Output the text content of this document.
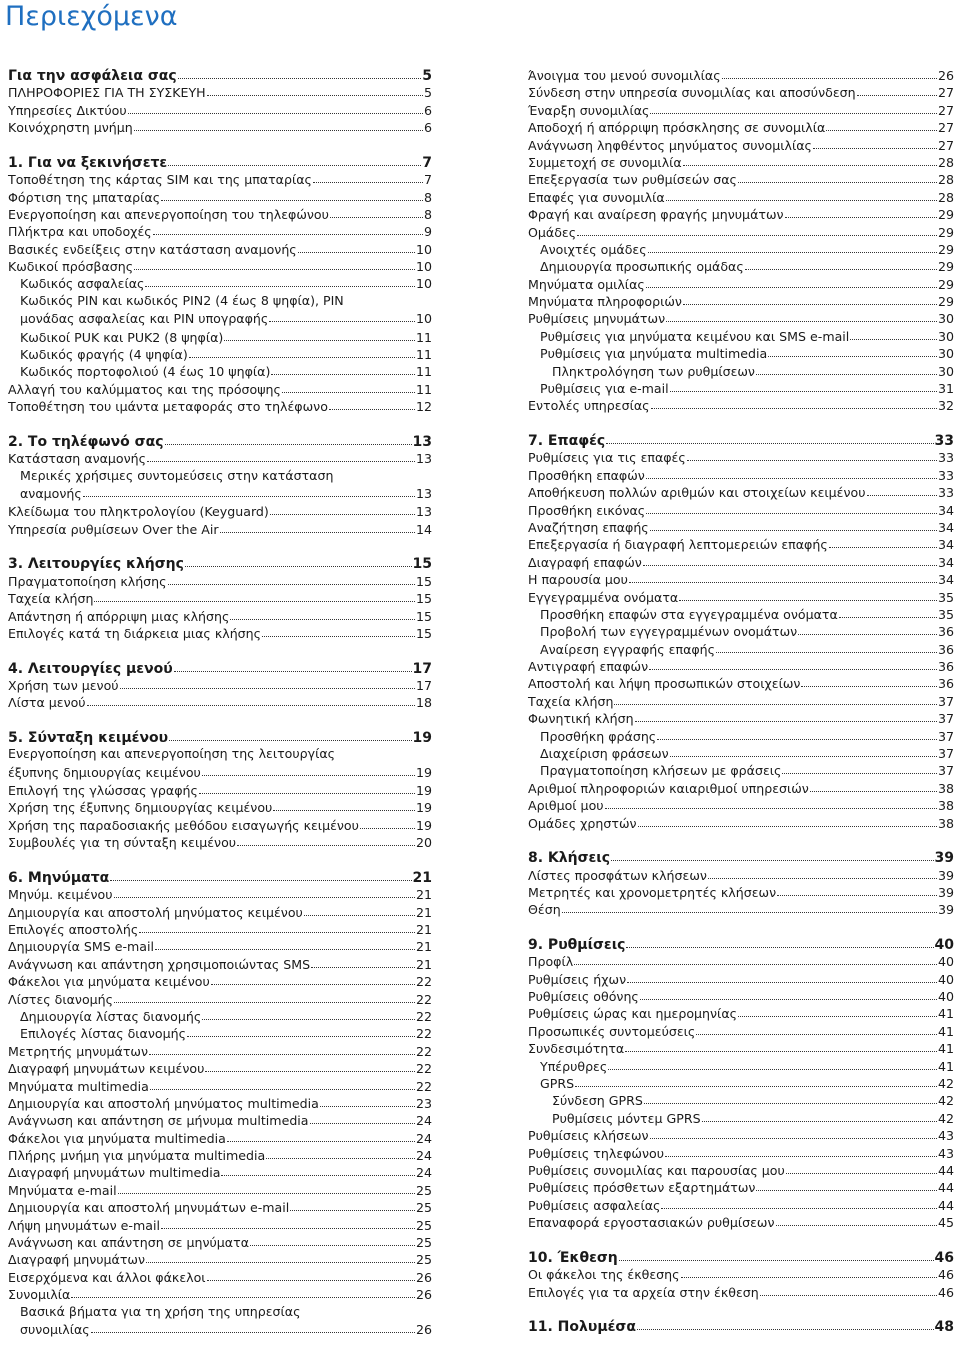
Περιεχόμενα
Για την ασφάλεια σας	5
ΠΛΗΡΟΦΟΡΙΕΣ ΓΙΑ ΤΗ ΣΥΣΚΕΥΗ	5
Υπηρεσίες Δικτύου	6
Κοινόχρηστη μνήμη	6
1. Για να ξεκινήσετε	7
Τοποθέτηση της κάρτας SIM και της μπαταρίας	7
Φόρτιση της μπαταρίας	8
Ενεργοποίηση και απενεργοποίηση του τηλεφώνου	8
Πλήκτρα και υποδοχές	9
Βασικές ενδείξεις στην κατάσταση αναμονής	10
Κωδικοί πρόσβασης	10
Κωδικός ασφαλείας	10
Κωδικός PIN και κωδικός PIN2 (4 έως 8 ψηφία), PIN
μονάδας ασφαλείας και PIN υπογραφής	10
Κωδικοί PUK και PUK2 (8 ψηφία)	11
Κωδικός φραγής (4 ψηφία)	11
Κωδικός πορτοφολιού (4 έως 10 ψηφία)	11
Αλλαγή του καλύμματος και της πρόσοψης	11
Τοποθέτηση του ιμάντα μεταφοράς στο τηλέφωνο	12
2. Το τηλέφωνό σας	13
Κατάσταση αναμονής	13
Μερικές χρήσιμες συντομεύσεις στην κατάσταση
αναμονής	13
Κλείδωμα του πληκτρολογίου (Keyguard)	13
Υπηρεσία ρυθμίσεων Over the Air	14
3. Λειτουργίες κλήσης	15
Πραγματοποίηση κλήσης	15
Ταχεία κλήση	15
Απάντηση ή απόρριψη μιας κλήσης	15
Επιλογές κατά τη διάρκεια μιας κλήσης	15
4. Λειτουργίες μενού	17
Χρήση των μενού	17
Λίστα μενού	18
5. Σύνταξη κειμένου	19
Ενεργοποίηση και απενεργοποίηση της λειτουργίας
έξυπνης δημιουργίας κειμένου	19
Επιλογή της γλώσσας γραφής	19
Χρήση της έξυπνης δημιουργίας κειμένου	19
Χρήση της παραδοσιακής μεθόδου εισαγωγής κειμένου	19
Συμβουλές για τη σύνταξη κειμένου	20
6. Μηνύματα	21
Μηνύμ. κειμένου	21
Δημιουργία και αποστολή μηνύματος κειμένου	21
Επιλογές αποστολής	21
Δημιουργία SMS e-mail	21
Ανάγνωση και απάντηση χρησιμοποιώντας SMS	21
Φάκελοι για μηνύματα κειμένου	22
Λίστες διανομής	22
Δημιουργία λίστας διανομής	22
Επιλογές λίστας διανομής	22
Μετρητής μηνυμάτων	22
Διαγραφή μηνυμάτων κειμένου	22
Μηνύματα multimedia	22
Δημιουργία και αποστολή μηνύματος multimedia	23
Ανάγνωση και απάντηση σε μήνυμα multimedia	24
Φάκελοι για μηνύματα multimedia	24
Πλήρης μνήμη για μηνύματα multimedia	24
Διαγραφή μηνυμάτων multimedia	24
Μηνύματα e-mail	25
Δημιουργία και αποστολή μηνυμάτων e-mail	25
Λήψη μηνυμάτων e-mail	25
Ανάγνωση και απάντηση σε μηνύματα	25
Διαγραφή μηνυμάτων	25
Εισερχόμενα και άλλοι φάκελοι	26
Συνομιλία	26
Βασικά βήματα για τη χρήση της υπηρεσίας
συνομιλίας	26
Άνοιγμα του μενού συνομιλίας	26
Σύνδεση στην υπηρεσία συνομιλίας και αποσύνδεση	27
Έναρξη συνομιλίας	27
Αποδοχή ή απόρριψη πρόσκλησης σε συνομιλία	27
Ανάγνωση ληφθέντος μηνύματος συνομιλίας	27
Συμμετοχή σε συνομιλία	28
Επεξεργασία των ρυθμίσεών σας	28
Επαφές για συνομιλία	28
Φραγή και αναίρεση φραγής μηνυμάτων	29
Ομάδες	29
Ανοιχτές ομάδες	29
Δημιουργία προσωπικής ομάδας	29
Μηνύματα ομιλίας	29
Μηνύματα πληροφοριών	29
Ρυθμίσεις μηνυμάτων	30
Ρυθμίσεις για μηνύματα κειμένου και SMS e-mail	30
Ρυθμίσεις για μηνύματα multimedia	30
Πληκτρολόγηση των ρυθμίσεων	30
Ρυθμίσεις για e-mail	31
Εντολές υπηρεσίας	32
7. Επαφές	33
Ρυθμίσεις για τις επαφές	33
Προσθήκη επαφών	33
Αποθήκευση πολλών αριθμών και στοιχείων κειμένου	33
Προσθήκη εικόνας	34
Αναζήτηση επαφής	34
Επεξεργασία ή διαγραφή λεπτομερειών επαφής	34
Διαγραφή επαφών	34
Η παρουσία μου	34
Εγγεγραμμένα ονόματα	35
Προσθήκη επαφών στα εγγεγραμμένα ονόματα	35
Προβολή των εγγεγραμμένων ονομάτων	36
Αναίρεση εγγραφής επαφής	36
Αντιγραφή επαφών	36
Αποστολή και λήψη προσωπικών στοιχείων	36
Ταχεία κλήση	37
Φωνητική κλήση	37
Προσθήκη φράσης	37
Διαχείριση φράσεων	37
Πραγματοποίηση κλήσεων με φράσεις	37
Αριθμοί πληροφοριών καιαριθμοί υπηρεσιών	38
Αριθμοί μου	38
Ομάδες χρηστών	38
8. Κλήσεις	39
Λίστες προσφάτων κλήσεων	39
Μετρητές και χρονομετρητές κλήσεων	39
Θέση	39
9. Ρυθμίσεις	40
Προφίλ	40
Ρυθμίσεις ήχων	40
Ρυθμίσεις οθόνης	40
Ρυθμίσεις ώρας και ημερομηνίας	41
Προσωπικές συντομεύσεις	41
Συνδεσιμότητα	41
Υπέρυθρες	41
GPRS	42
Σύνδεση GPRS	42
Ρυθμίσεις μόντεμ GPRS	42
Ρυθμίσεις κλήσεων	43
Ρυθμίσεις τηλεφώνου	43
Ρυθμίσεις συνομιλίας και παρουσίας μου	44
Ρυθμίσεις πρόσθετων εξαρτημάτων	44
Ρυθμίσεις ασφαλείας	44
Επαναφορά εργοστασιακών ρυθμίσεων	45
10. Έκθεση	46
Οι φάκελοι της έκθεσης	46
Επιλογές για τα αρχεία στην έκθεση	46
11. Πολυμέσα	48
